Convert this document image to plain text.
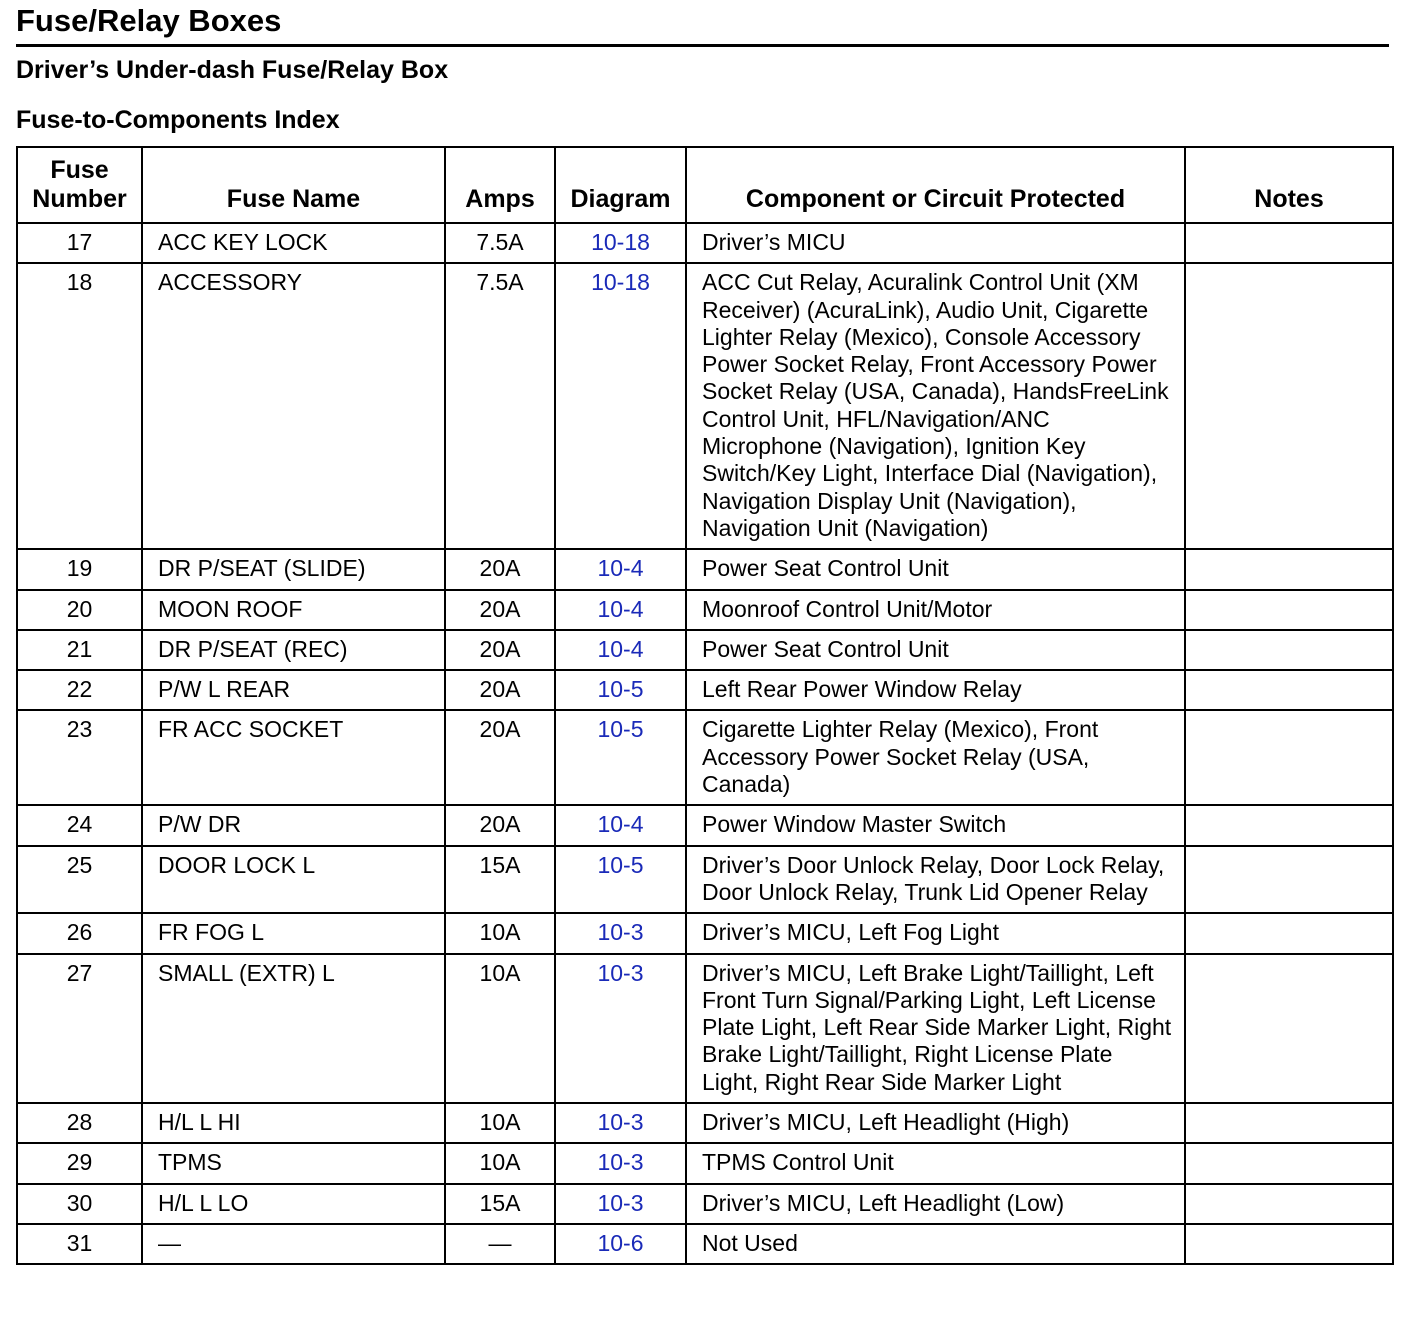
Fuse/Relay Boxes
Driver’s Under-dash Fuse/Relay Box
Fuse-to-Components Index
Fuse
Number	Fuse Name	Amps	Diagram	Component or Circuit Protected	Notes
17	ACC KEY LOCK	7.5A	10-18	Driver’s MICU	
18	ACCESSORY	7.5A	10-18	ACC Cut Relay, Acuralink Control Unit (XM Receiver) (AcuraLink), Audio Unit, Cigarette Lighter Relay (Mexico), Console Accessory Power Socket Relay, Front Accessory Power Socket Relay (USA, Canada), HandsFreeLink Control Unit, HFL/Navigation/ANC Microphone (Navigation), Ignition Key Switch/Key Light, Interface Dial (Navigation), Navigation Display Unit (Navigation), Navigation Unit (Navigation)	
19	DR P/SEAT (SLIDE)	20A	10-4	Power Seat Control Unit	
20	MOON ROOF	20A	10-4	Moonroof Control Unit/Motor	
21	DR P/SEAT (REC)	20A	10-4	Power Seat Control Unit	
22	P/W L REAR	20A	10-5	Left Rear Power Window Relay	
23	FR ACC SOCKET	20A	10-5	Cigarette Lighter Relay (Mexico), Front Accessory Power Socket Relay (USA, Canada)	
24	P/W DR	20A	10-4	Power Window Master Switch	
25	DOOR LOCK L	15A	10-5	Driver’s Door Unlock Relay, Door Lock Relay, Door Unlock Relay, Trunk Lid Opener Relay	
26	FR FOG L	10A	10-3	Driver’s MICU, Left Fog Light	
27	SMALL (EXTR) L	10A	10-3	Driver’s MICU, Left Brake Light/Taillight, Left Front Turn Signal/Parking Light, Left License Plate Light, Left Rear Side Marker Light, Right Brake Light/Taillight, Right License Plate Light, Right Rear Side Marker Light	
28	H/L L HI	10A	10-3	Driver’s MICU, Left Headlight (High)	
29	TPMS	10A	10-3	TPMS Control Unit	
30	H/L L LO	15A	10-3	Driver’s MICU, Left Headlight (Low)	
31	—	—	10-6	Not Used	
